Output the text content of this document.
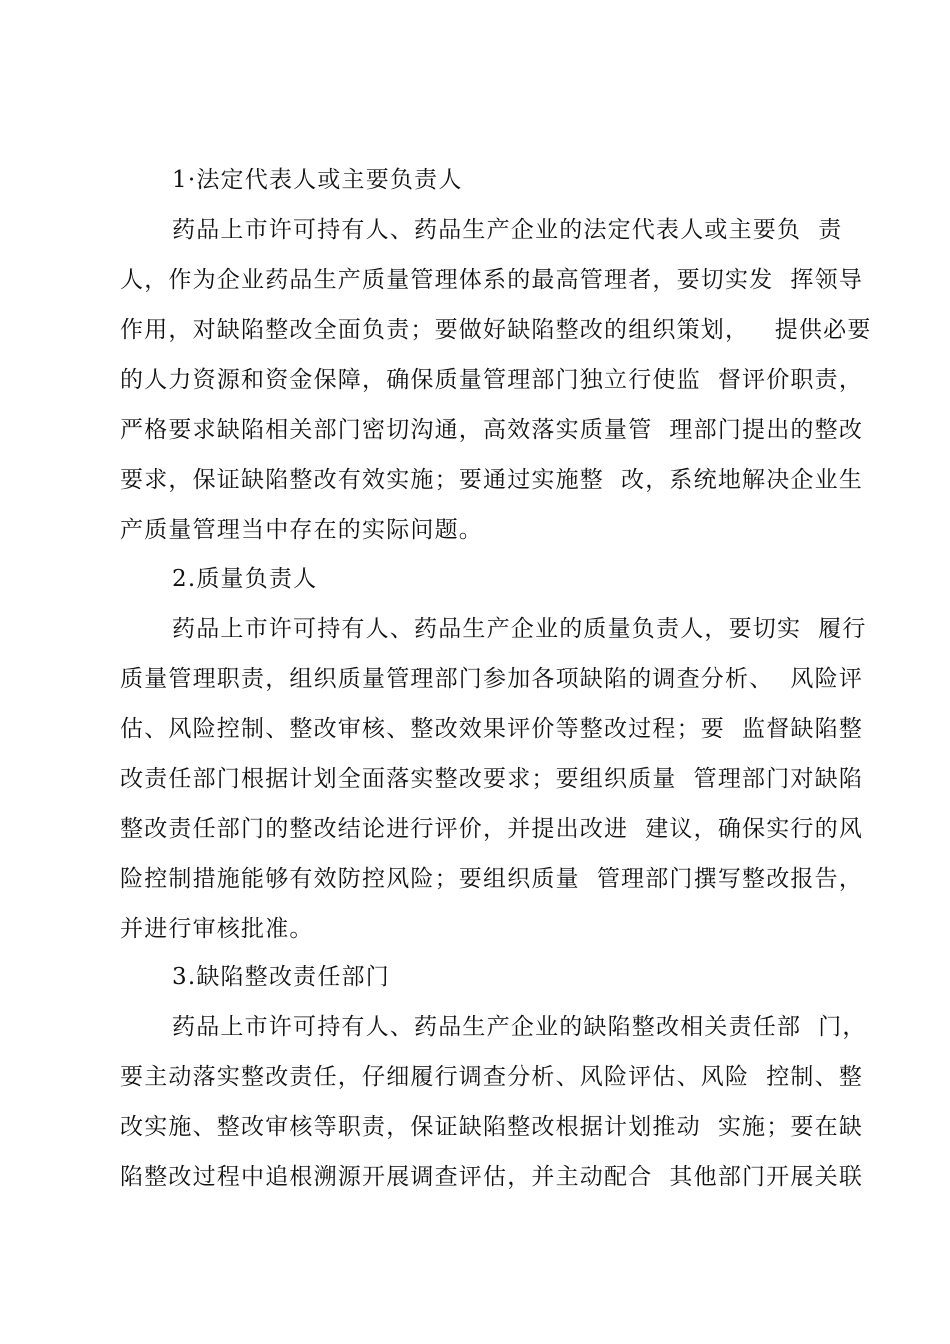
1·法定代表人或主要负责人

药品上市许可持有人、药品生产企业的法定代表人或主要负  责

人，作为企业药品生产质量管理体系的最高管理者，要切实发  挥领导

作用，对缺陷整改全面负责；要做好缺陷整改的组织策划，   提供必要

的人力资源和资金保障，确保质量管理部门独立行使监  督评价职责，

严格要求缺陷相关部门密切沟通，高效落实质量管  理部门提出的整改

要求，保证缺陷整改有效实施；要通过实施整  改，系统地解决企业生

产质量管理当中存在的实际问题。

2.质量负责人

药品上市许可持有人、药品生产企业的质量负责人，要切实  履行

质量管理职责，组织质量管理部门参加各项缺陷的调查分析、  风险评

估、风险控制、整改审核、整改效果评价等整改过程；要  监督缺陷整

改责任部门根据计划全面落实整改要求；要组织质量  管理部门对缺陷

整改责任部门的整改结论进行评价，并提出改进  建议，确保实行的风

险控制措施能够有效防控风险；要组织质量  管理部门撰写整改报告，

并进行审核批准。

3.缺陷整改责任部门

药品上市许可持有人、药品生产企业的缺陷整改相关责任部  门，

要主动落实整改责任，仔细履行调查分析、风险评估、风险  控制、整

改实施、整改审核等职责，保证缺陷整改根据计划推动  实施；要在缺

陷整改过程中追根溯源开展调查评估，并主动配合  其他部门开展关联
